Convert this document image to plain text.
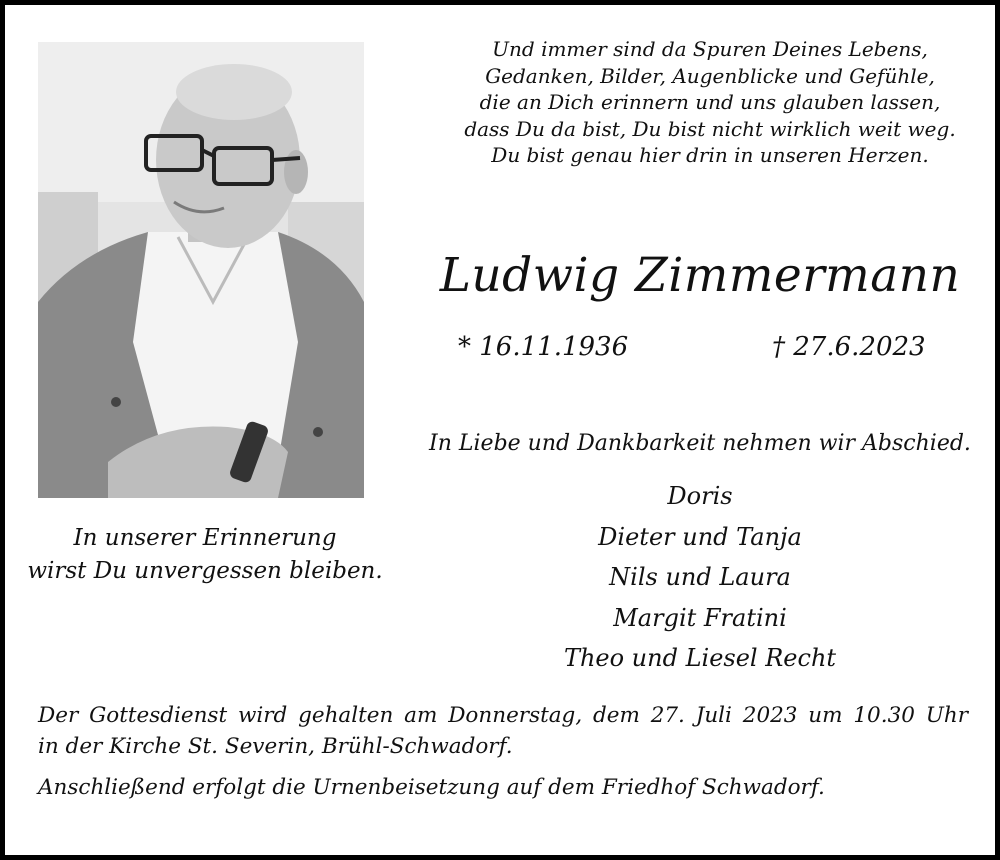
Und immer sind da Spuren Deines Lebens,
Gedanken, Bilder, Augenblicke und Gefühle,
die an Dich erinnern und uns glauben lassen,
dass Du da bist, Du bist nicht wirklich weit weg.
Du bist genau hier drin in unseren Herzen.
Ludwig Zimmermann
* 16.11.1936	† 27.6.2023
In Liebe und Dankbarkeit nehmen wir Abschied.
Doris
Dieter und Tanja
Nils und Laura
Margit Fratini
Theo und Liesel Recht
In unserer Erinnerung
wirst Du unvergessen bleiben.
Der Gottesdienst wird gehalten am Donnerstag, dem 27. Juli 2023 um 10.30 Uhr
in der Kirche St. Severin, Brühl-Schwadorf.
Anschließend erfolgt die Urnenbeisetzung auf dem Friedhof Schwadorf.
